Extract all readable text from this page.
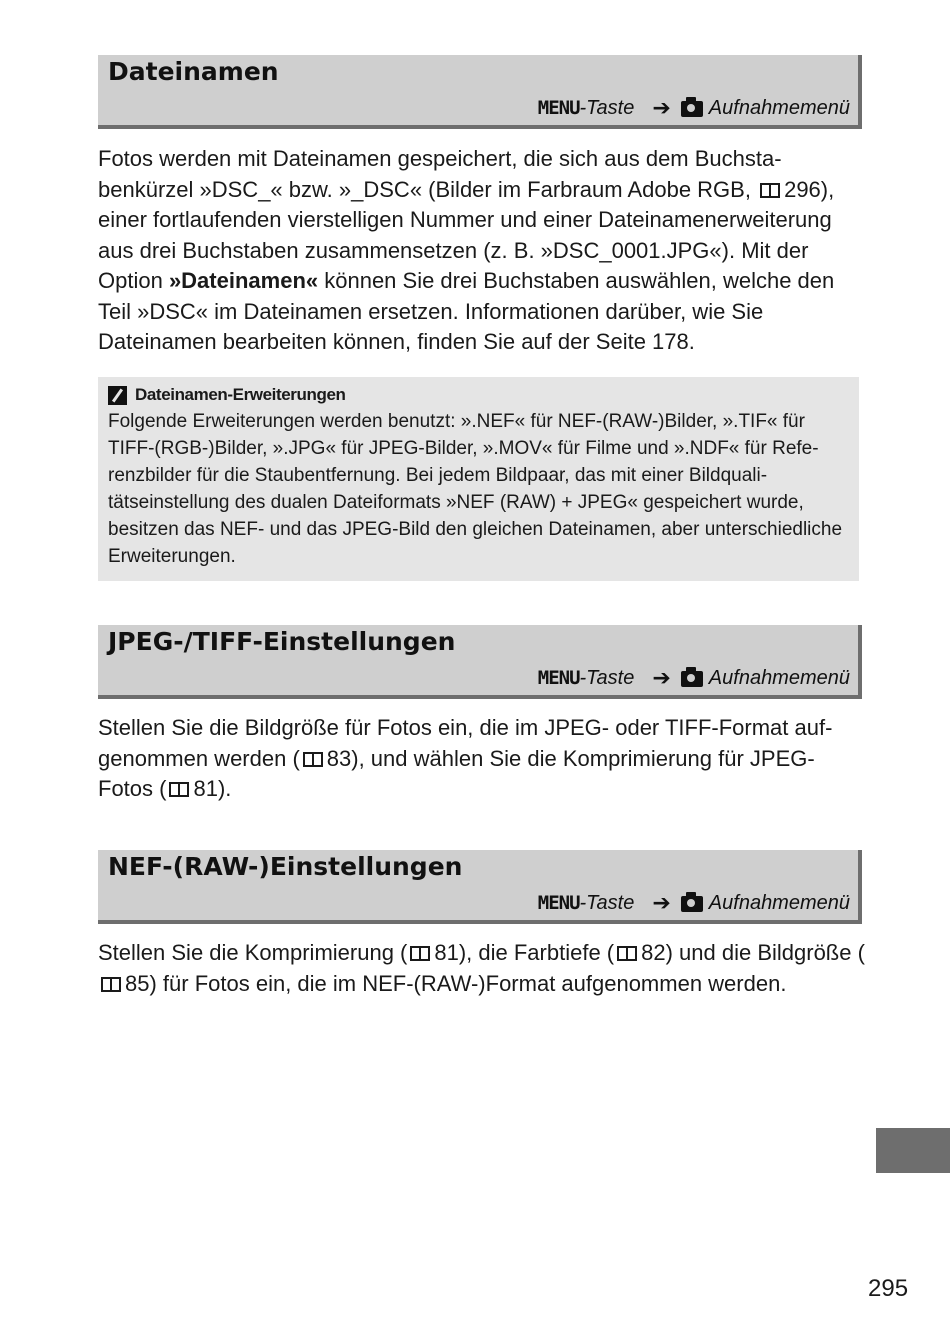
Dateinamen
MENU -Taste ➔ Aufnahmemenü
Fotos werden mit Dateinamen gespeichert, die sich aus dem Buchstabenkürzel »DSC_« bzw. »_DSC« (Bilder im Farbraum Adobe RGB, 296), einer fortlaufenden vierstelligen Nummer und einer Dateinamenerweiterung aus drei Buchstaben zusammensetzen (z. B. »DSC_0001.JPG«). Mit der Option »Dateinamen« können Sie drei Buchstaben auswählen, welche den Teil »DSC« im Dateinamen ersetzen. Informationen darüber, wie Sie Dateinamen bearbeiten können, finden Sie auf der Seite 178.
Dateinamen-Erweiterungen
Folgende Erweiterungen werden benutzt: ».NEF« für NEF-(RAW-)Bilder, ».TIF« für TIFF-(RGB-)Bilder, ».JPG« für JPEG-Bilder, ».MOV« für Filme und ».NDF« für Referenzbilder für die Staubentfernung. Bei jedem Bildpaar, das mit einer Bildqualitätseinstellung des dualen Dateiformats »NEF (RAW) + JPEG« gespeichert wurde, besitzen das NEF- und das JPEG-Bild den gleichen Dateinamen, aber unterschiedliche Erweiterungen.
JPEG-/TIFF-Einstellungen
MENU -Taste ➔ Aufnahmemenü
Stellen Sie die Bildgröße für Fotos ein, die im JPEG- oder TIFF-Format aufgenommen werden ( 83), und wählen Sie die Komprimierung für JPEG-Fotos ( 81).
NEF-(RAW-)Einstellungen
MENU -Taste ➔ Aufnahmemenü
Stellen Sie die Komprimierung ( 81), die Farbtiefe ( 82) und die Bildgröße (85) für Fotos ein, die im NEF-(RAW-)Format aufgenommen werden.
295
